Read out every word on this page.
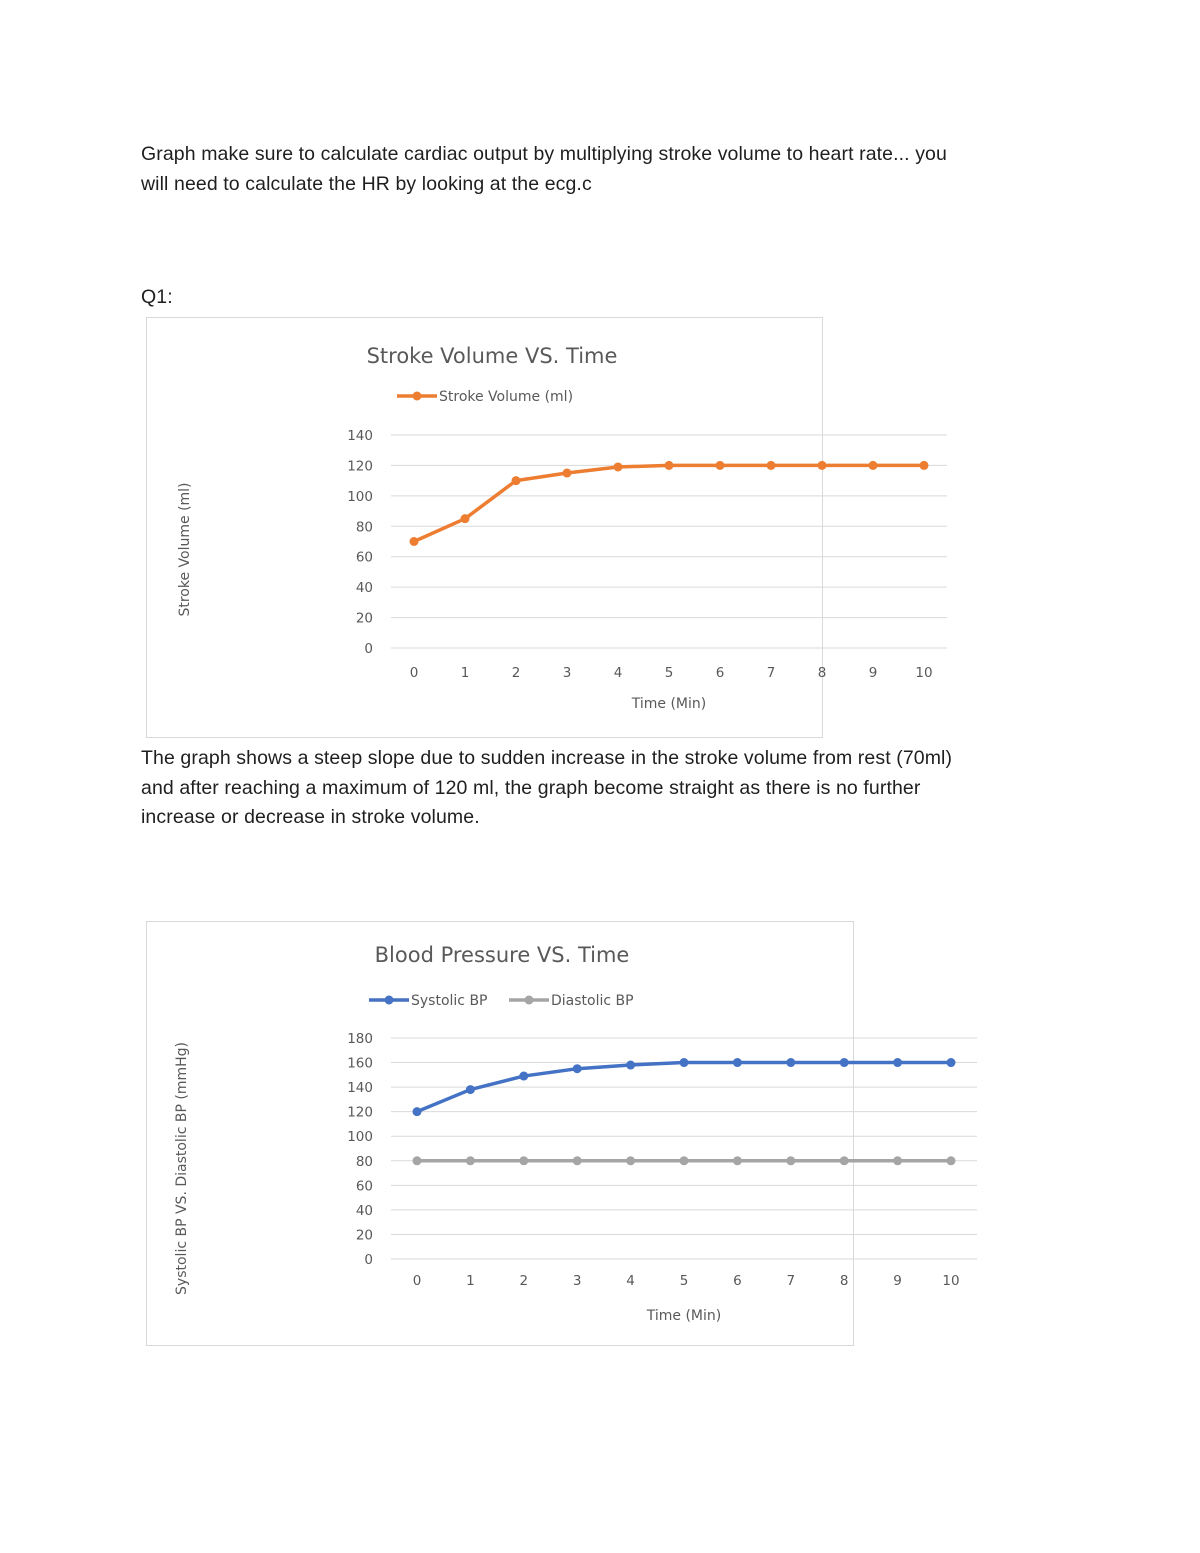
Graph make sure to calculate cardiac output by multiplying stroke volume to heart rate... you
will need to calculate the HR by looking at the ecg.c
Q1:
Stroke Volume VS. Time
Stroke Volume (ml)
0
20
40
60
80
100
120
140
0	1	2	3	4	5	6	7	8	9	10
Time (Min)
Stroke Volume (ml)
The graph shows a steep slope due to sudden increase in the stroke volume from rest (70ml)
and after reaching a maximum of 120 ml, the graph become straight as there is no further
increase or decrease in stroke volume.
Blood Pressure VS. Time
Systolic BP	Diastolic BP
0
20
40
60
80
100
120
140
160
180
0	1	2	3	4	5	6	7	8	9	10
Time (Min)
Systolic BP VS. Diastolic BP (mmHg)
